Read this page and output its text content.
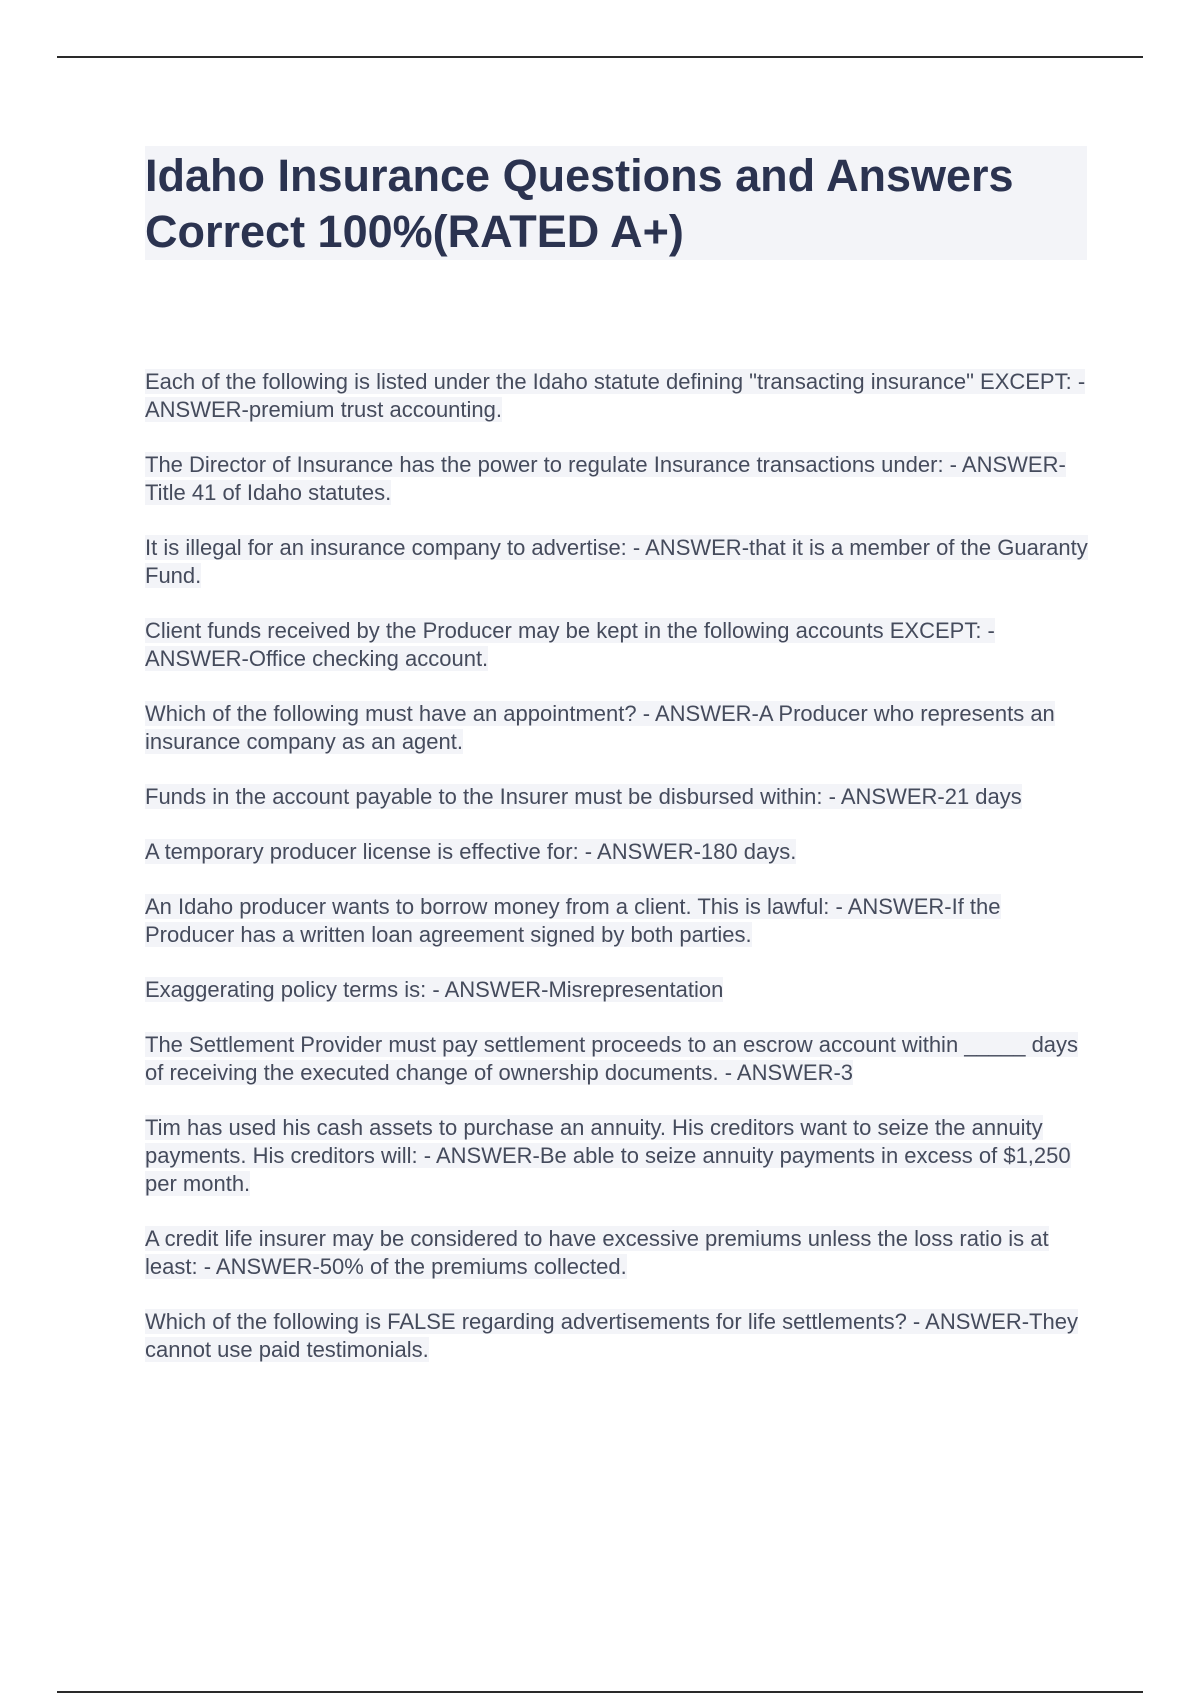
Idaho Insurance Questions and Answers Correct 100%(RATED A+)

Each of the following is listed under the Idaho statute defining "transacting insurance" EXCEPT: - ANSWER-premium trust accounting.

The Director of Insurance has the power to regulate Insurance transactions under: - ANSWER-Title 41 of Idaho statutes.

It is illegal for an insurance company to advertise: - ANSWER-that it is a member of the Guaranty Fund.

Client funds received by the Producer may be kept in the following accounts EXCEPT: - ANSWER-Office checking account.

Which of the following must have an appointment? - ANSWER-A Producer who represents an insurance company as an agent.

Funds in the account payable to the Insurer must be disbursed within: - ANSWER-21 days

A temporary producer license is effective for: - ANSWER-180 days.

An Idaho producer wants to borrow money from a client. This is lawful: - ANSWER-If the Producer has a written loan agreement signed by both parties.

Exaggerating policy terms is: - ANSWER-Misrepresentation

The Settlement Provider must pay settlement proceeds to an escrow account within _____ days of receiving the executed change of ownership documents. - ANSWER-3

Tim has used his cash assets to purchase an annuity. His creditors want to seize the annuity payments. His creditors will: - ANSWER-Be able to seize annuity payments in excess of $1,250 per month.

A credit life insurer may be considered to have excessive premiums unless the loss ratio is at least: - ANSWER-50% of the premiums collected.

Which of the following is FALSE regarding advertisements for life settlements? - ANSWER-They cannot use paid testimonials.
